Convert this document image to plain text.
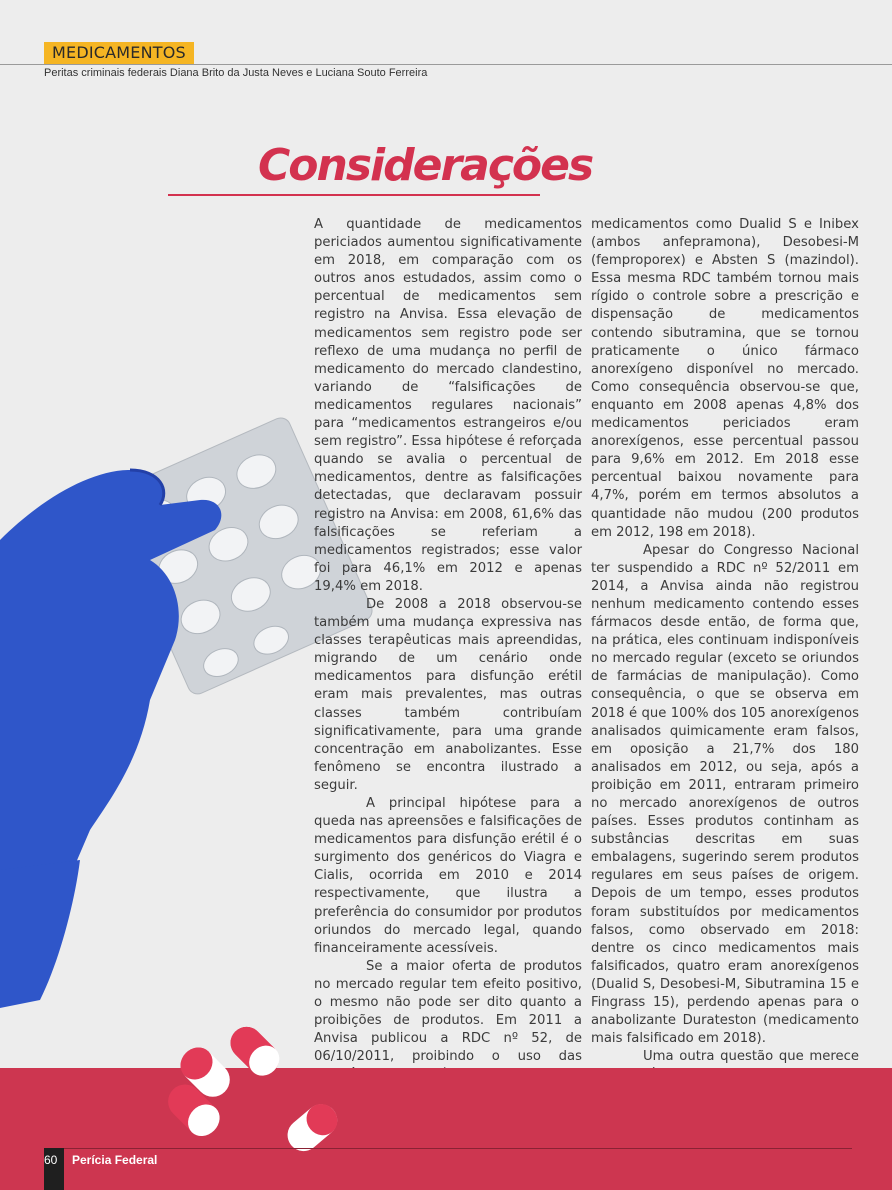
MEDICAMENTOS
Peritas criminais federais Diana Brito da Justa Neves e Luciana Souto Ferreira
Considerações

A quantidade de medicamentos periciados aumentou significativamente em 2018, em comparação com os outros anos estudados, assim como o percentual de medicamentos sem registro na Anvisa. Essa elevação de medicamentos sem registro pode ser reflexo de uma mudança no perfil de medicamento do mercado clandestino, variando de “falsificações de medicamentos regulares nacionais” para “medicamentos estrangeiros e/ou sem registro”. Essa hipótese é reforçada quando se avalia o percentual de medicamentos, dentre as falsificações detectadas, que declaravam possuir registro na Anvisa: em 2008, 61,6% das falsificações se referiam a medicamentos registrados; esse valor foi para 46,1% em 2012 e apenas 19,4% em 2018.

De 2008 a 2018 observou-se também uma mudança expressiva nas classes terapêuticas mais apreendidas, migrando de um cenário onde medicamentos para disfunção erétil eram mais prevalentes, mas outras classes também contribuíam significativamente, para uma grande concentração em anabolizantes. Esse fenômeno se encontra ilustrado a seguir.

A principal hipótese para a queda nas apreensões e falsificações de medicamentos para disfunção erétil é o surgimento dos genéricos do Viagra e Cialis, ocorrida em 2010 e 2014 respectivamente, que ilustra a preferência do consumidor por produtos oriundos do mercado legal, quando financeiramente acessíveis.

Se a maior oferta de produtos no mercado regular tem efeito positivo, o mesmo não pode ser dito quanto a proibições de produtos. Em 2011 a Anvisa publicou a RDC nº 52, de 06/10/2011, proibindo o uso das

medicamentos como Dualid S e Inibex (ambos anfepramona), Desobesi-M (femproporex) e Absten S (mazindol). Essa mesma RDC também tornou mais rígido o controle sobre a prescrição e dispensação de medicamentos contendo sibutramina, que se tornou praticamente o único fármaco anorexígeno disponível no mercado. Como consequência observou-se que, enquanto em 2008 apenas 4,8% dos medicamentos periciados eram anorexígenos, esse percentual passou para 9,6% em 2012. Em 2018 esse percentual baixou novamente para 4,7%, porém em termos absolutos a quantidade não mudou (200 produtos em 2012, 198 em 2018).

Apesar do Congresso Nacional ter suspendido a RDC nº 52/2011 em 2014, a Anvisa ainda não registrou nenhum medicamento contendo esses fármacos desde então, de forma que, na prática, eles continuam indisponíveis no mercado regular (exceto se oriundos de farmácias de manipulação). Como consequência, o que se observa em 2018 é que 100% dos 105 anorexígenos analisados quimicamente eram falsos, em oposição a 21,7% dos 180 analisados em 2012, ou seja, após a proibição em 2011, entraram primeiro no mercado anorexígenos de outros países. Esses produtos continham as substâncias descritas em suas embalagens, sugerindo serem produtos regulares em seus países de origem. Depois de um tempo, esses produtos foram substituídos por medicamentos falsos, como observado em 2018: dentre os cinco medicamentos mais falsificados, quatro eram anorexígenos (Dualid S, Desobesi-M, Sibutramina 15 e Fingrass 15), perdendo apenas para o anabolizante Durateston (medicamento mais falsificado em 2018).

Uma outra questão que merece

60	Perícia Federal
